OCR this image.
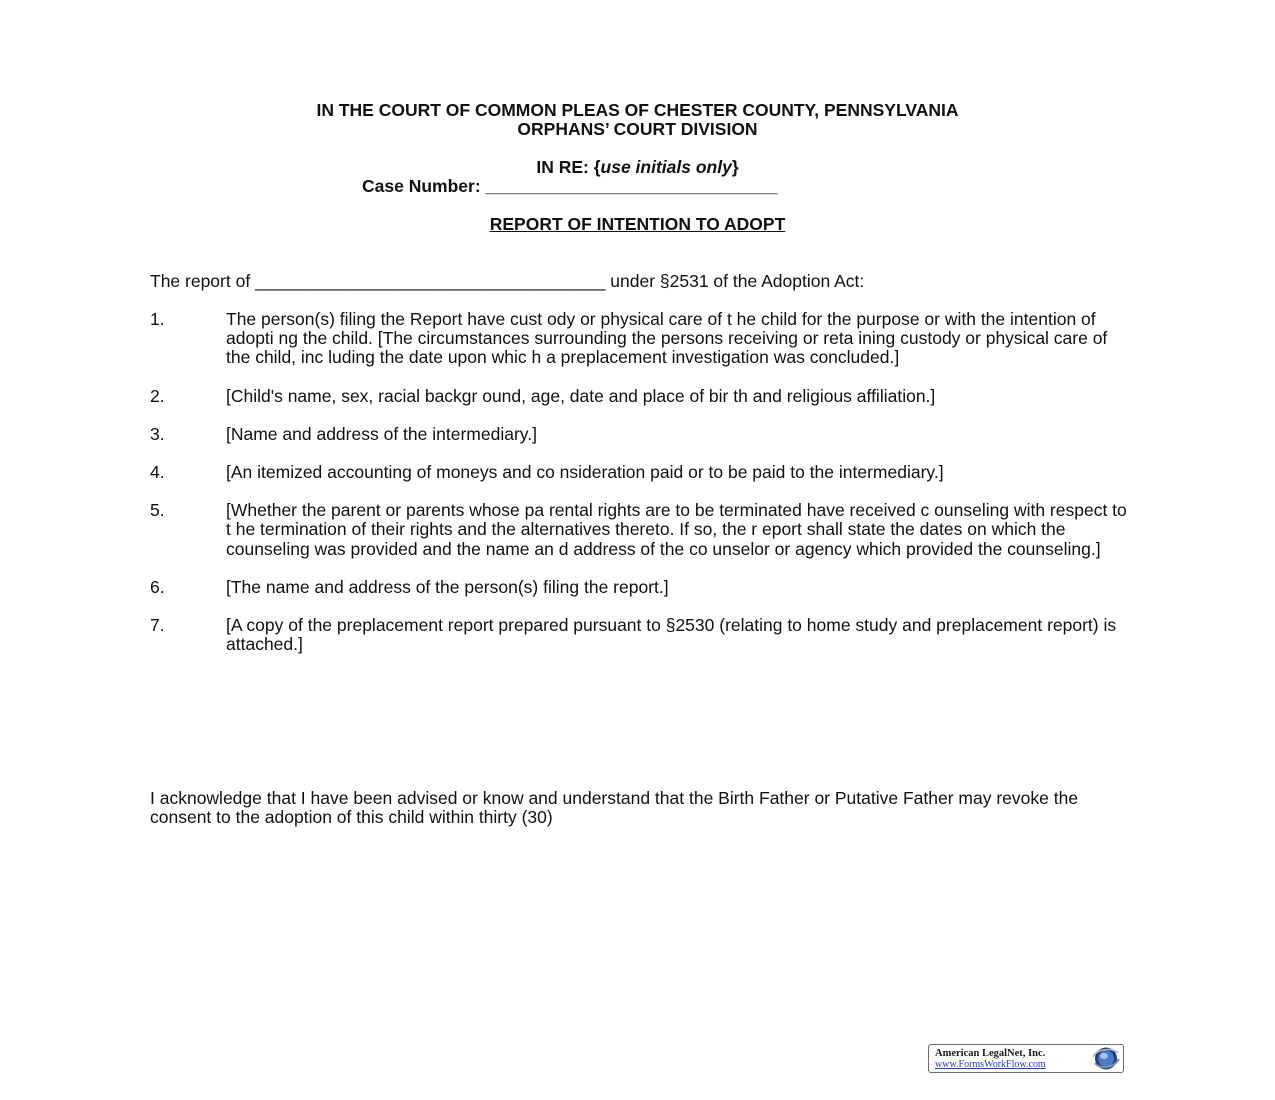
IN THE COURT OF COMMON PLEAS OF CHESTER COUNTY, PENNSYLVANIA
ORPHANS’ COURT DIVISION
IN RE: {use initials only}
Case Number: ______________________________
REPORT OF INTENTION TO ADOPT
The report of ____________________________________ under §2531 of the Adoption Act:
1.	The person(s) filing the Report have cust ody or physical care of t he child for the purpose or with the intention of adopti ng the child. [The circumstances surrounding the persons receiving or reta ining custody or physical care of the child, inc luding the date upon whic h a preplacement investigation was concluded.]
2.	[Child's name, sex, racial backgr ound, age, date and place of bir th and religious affiliation.]
3.	[Name and address of the intermediary.]
4.	[An itemized accounting of moneys and co nsideration paid or to be paid to the intermediary.]
5.	[Whether the parent or parents whose pa rental rights are to be terminated have received c ounseling with respect to t he termination of their rights and the alternatives thereto. If so, the r eport shall state the dates on which the counseling was provided and the name an d address of the co unselor or agency which provided the counseling.]
6.	[The name and address of the person(s) filing the report.]
7.	[A copy of the preplacement report prepared pursuant to §2530 (relating to home study and preplacement report) is attached.]
I acknowledge that I have been advised or know and understand that the Birth Father or Putative Father may revoke the consent to the adoption of this child within thirty (30)
American LegalNet, Inc.
www.FormsWorkFlow.com
